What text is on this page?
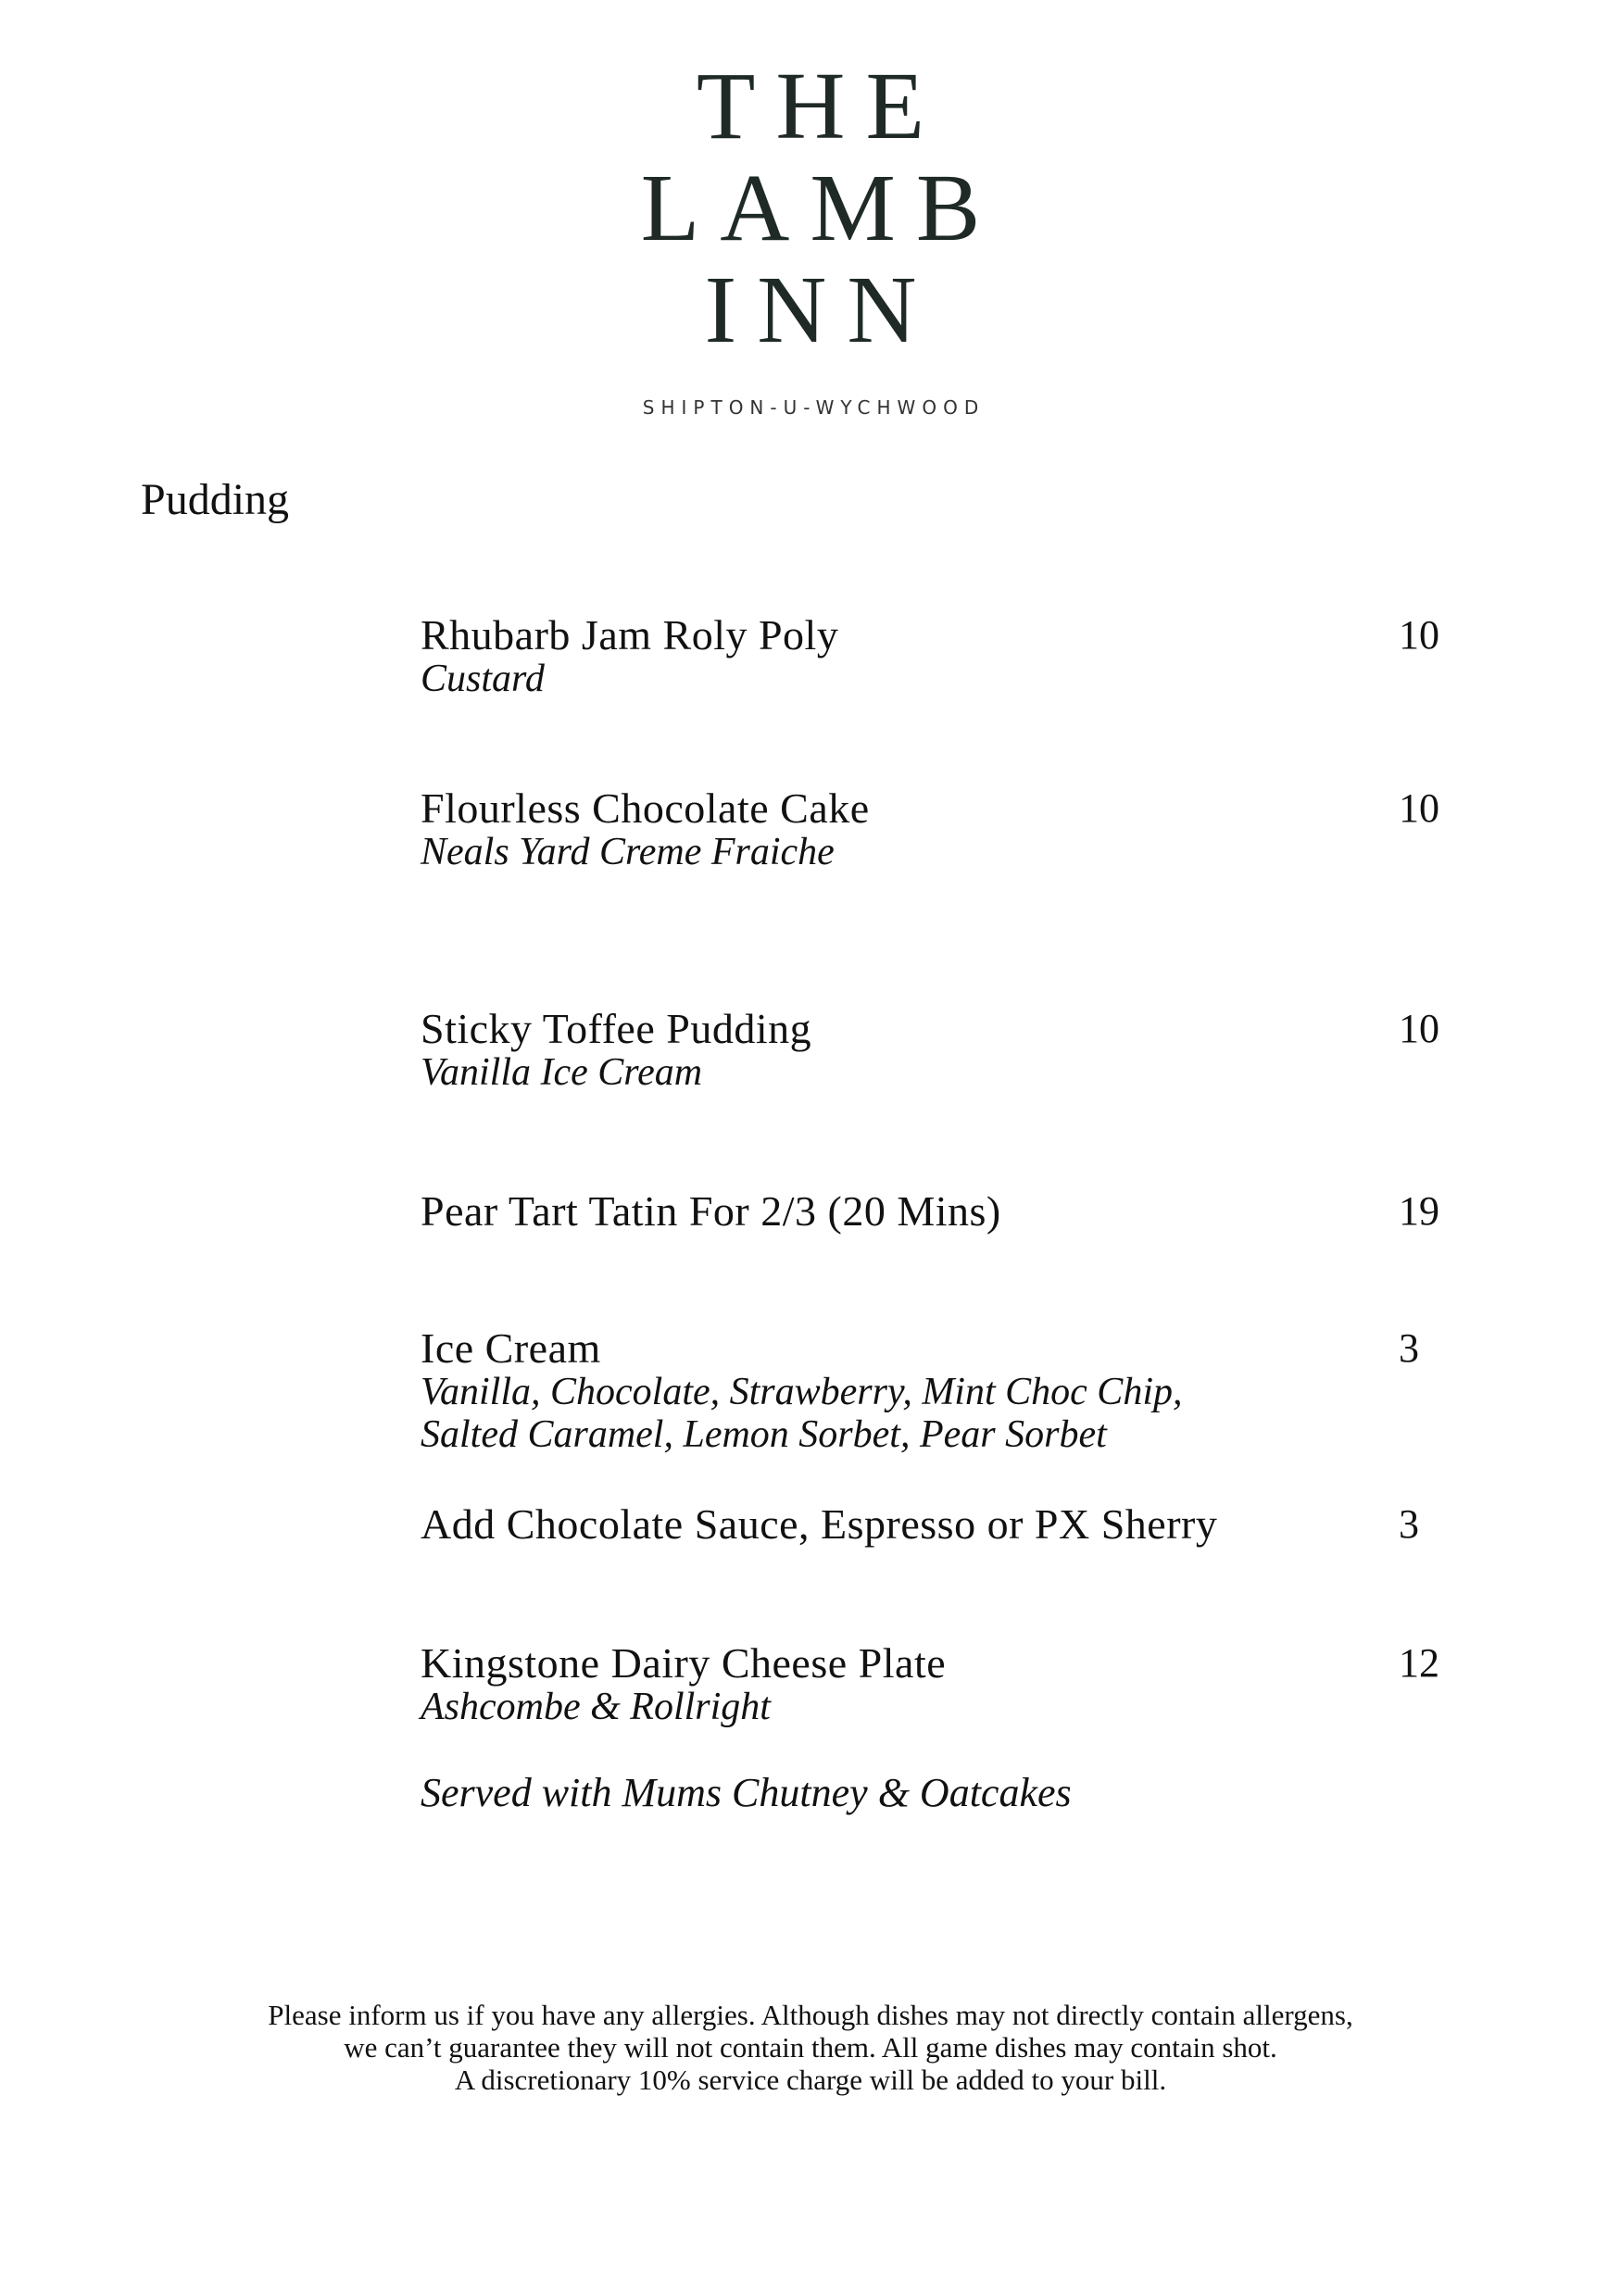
THE
LAMB
INN
SHIPTON-U-WYCHWOOD
Pudding
Rhubarb Jam Roly Poly
Custard
10
Flourless Chocolate Cake
Neals Yard Creme Fraiche
10
Sticky Toffee Pudding
Vanilla Ice Cream
10
Pear Tart Tatin For 2/3 (20 Mins)	19
Ice Cream
Vanilla, Chocolate, Strawberry, Mint Choc Chip,
Salted Caramel, Lemon Sorbet, Pear Sorbet
3
Add Chocolate Sauce, Espresso or PX Sherry	3
Kingstone Dairy Cheese Plate
Ashcombe & Rollright
12
Served with Mums Chutney & Oatcakes
Please inform us if you have any allergies. Although dishes may not directly contain allergens,
we can’t guarantee they will not contain them. All game dishes may contain shot.
A discretionary 10% service charge will be added to your bill.
